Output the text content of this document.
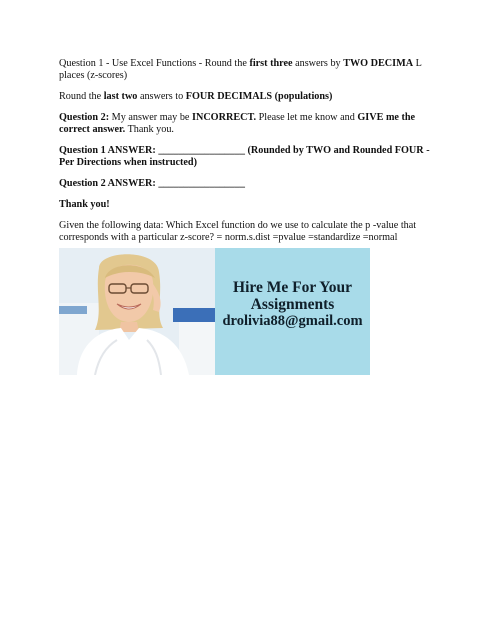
Question 1 - Use Excel Functions - Round the first three answers by TWO DECIMA L places (z-scores)

Round the last two answers to FOUR DECIMALS (populations)

Question 2: My answer may be INCORRECT. Please let me know and GIVE me the correct answer. Thank you.

Question 1 ANSWER: _________________ (Rounded by TWO and Rounded FOUR - Per Directions when instructed)

Question 2 ANSWER: _________________

Thank you!

Given the following data: Which Excel function do we use to calculate the p -value that corresponds with a particular z-score? = norm.s.dist =pvalue =standardize =normal

Hire Me For Your
Assignments
drolivia88@gmail.com
